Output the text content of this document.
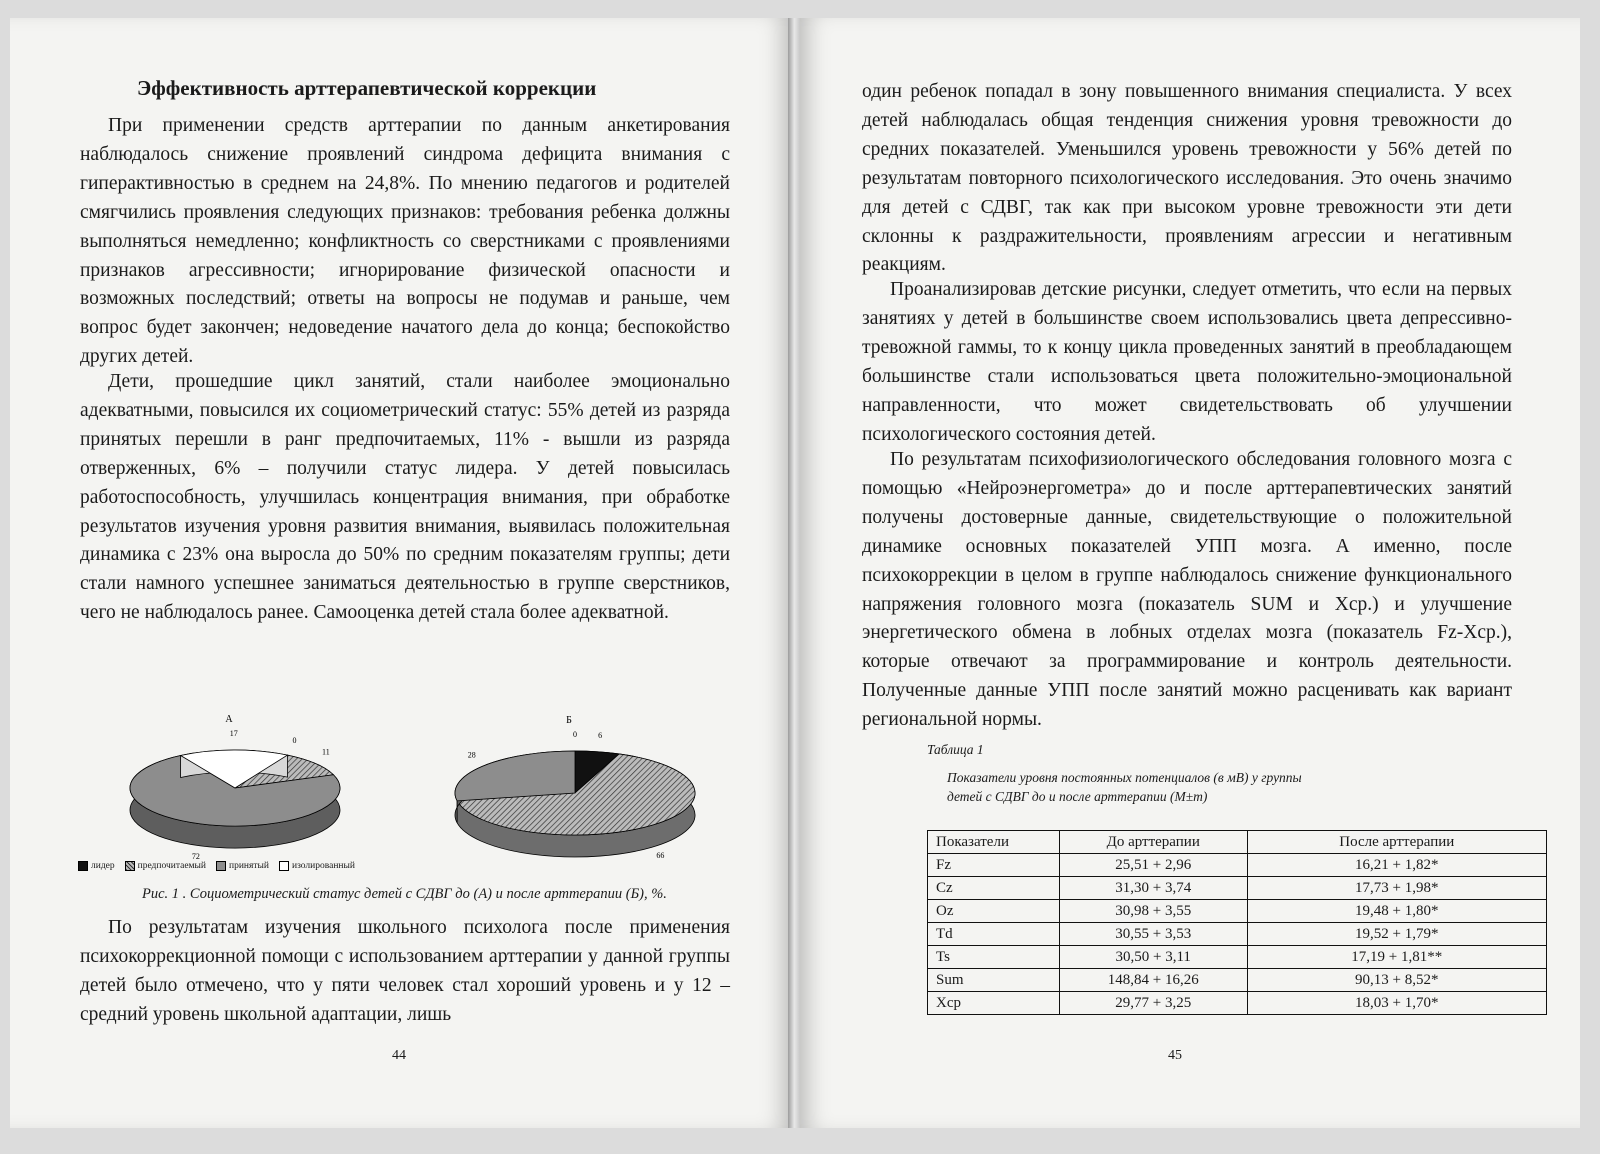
Эффективность арттерапевтической коррекции

При применении средств арттерапии по данным анкетирования наблюдалось снижение проявлений синдрома дефицита внимания с гиперактивностью в среднем на 24,8%. По мнению педагогов и родителей смягчились проявления следующих признаков: требования ребенка должны выполняться немедленно; конфликтность со сверстниками с проявлениями признаков агрессивности; игнорирование физической опасности и возможных последствий; ответы на вопросы не подумав и раньше, чем вопрос будет закончен; недоведение начатого дела до конца; беспокойство других детей.

Дети, прошедшие цикл занятий, стали наиболее эмоционально адекватными, повысился их социометрический статус: 55% детей из разряда принятых перешли в ранг предпочитаемых, 11% - вышли из разряда отверженных, 6% – получили статус лидера. У детей повысилась работоспособность, улучшилась концентрация внимания, при обработке результатов изучения уровня развития внимания, выявилась положительная динамика с 23% она выросла до 50% по средним показателям группы; дети стали намного успешнее заниматься деятельностью в группе сверстников, чего не наблюдалось ранее. Самооценка детей стала более адекватной.

А
0
11
72
17
Б
6
66
28
0
лидер	предпочитаемый	принятый	изолированный
Рис. 1 . Социометрический статус детей с СДВГ до (А) и после арттерапии (Б), %.

По результатам изучения школьного психолога после применения психокоррекционной помощи с использованием арттерапии у данной группы детей было отмечено, что у пяти человек стал хороший уровень и у 12 – средний уровень школьной адаптации, лишь

44

один ребенок попадал в зону повышенного внимания специалиста. У всех детей наблюдалась общая тенденция снижения уровня тревожности до средних показателей. Уменьшился уровень тревожности у 56% детей по результатам повторного психологического исследования. Это очень значимо для детей с СДВГ, так как при высоком уровне тревожности эти дети склонны к раздражительности, проявлениям агрессии и негативным реакциям.

Проанализировав детские рисунки, следует отметить, что если на первых занятиях у детей в большинстве своем использовались цвета депрессивно-тревожной гаммы, то к концу цикла проведенных занятий в преобладающем большинстве стали использоваться цвета положительно-эмоциональной направленности, что может свидетельствовать об улучшении психологического состояния детей.

По результатам психофизиологического обследования головного мозга с помощью «Нейроэнергометра» до и после арттерапевтических занятий получены достоверные данные, свидетельствующие о положительной динамике основных показателей УПП мозга. А именно, после психокоррекции в целом в группе наблюдалось снижение функционального напряжения головного мозга (показатель SUM и Хср.) и улучшение энергетического обмена в лобных отделах мозга (показатель Fz-Хср.), которые отвечают за программирование и контроль деятельности. Полученные данные УПП после занятий можно расценивать как вариант региональной нормы.

Таблица 1
Показатели уровня постоянных потенциалов (в мВ) у группы детей с СДВГ до и после арттерапии (M±m)
Показатели	До арттерапии	После арттерапии
Fz	25,51 + 2,96	16,21 + 1,82*
Cz	31,30 + 3,74	17,73 + 1,98*
Oz	30,98 + 3,55	19,48 + 1,80*
Td	30,55 + 3,53	19,52 + 1,79*
Ts	30,50 + 3,11	17,19 + 1,81**
Sum	148,84 + 16,26	90,13 + 8,52*
Хср	29,77 + 3,25	18,03 + 1,70*
45
